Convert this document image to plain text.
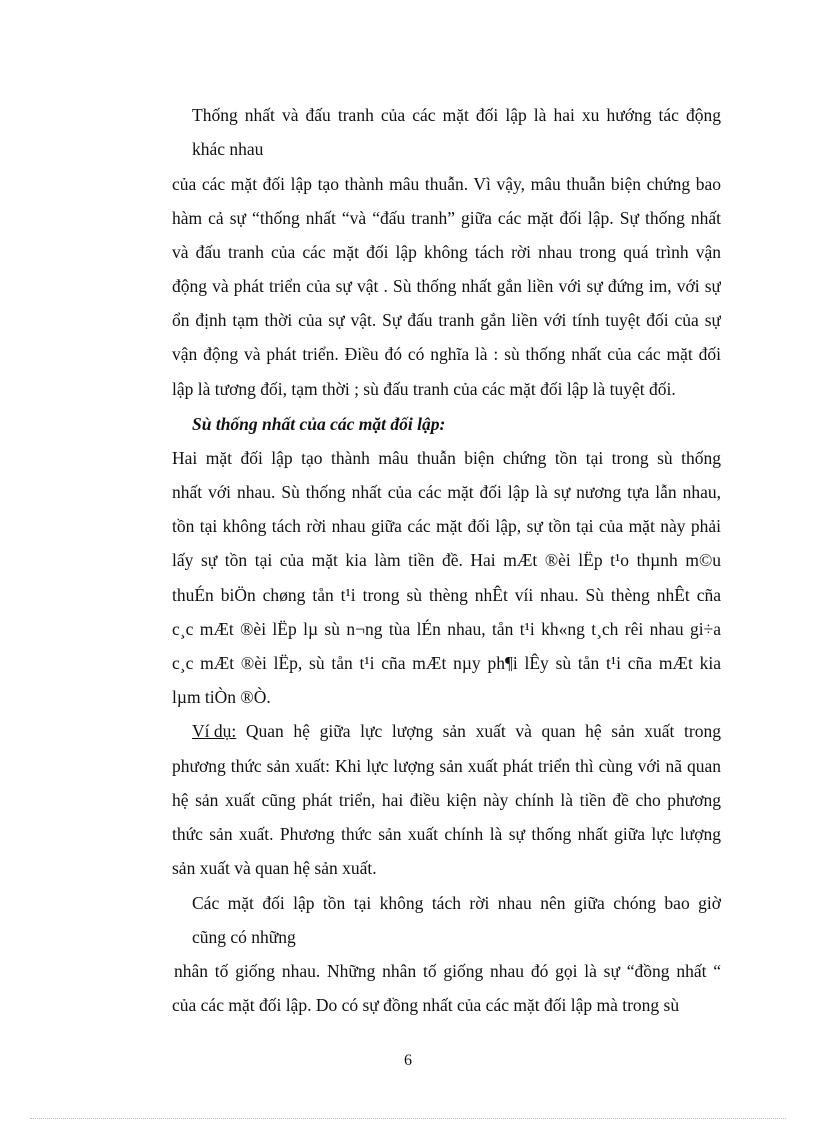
Thống nhất và đấu tranh của các mặt đối lập là hai xu hướng tác động
khác nhau
của các mặt đối lập tạo thành mâu thuẫn. Vì vậy, mâu thuẫn biện chứng bao
hàm cả sự “thống nhất “và “đấu tranh” giữa các mặt đối lập. Sự thống nhất
và đấu tranh của các mặt đối lập không tách rời nhau trong quá trình vận
động và phát triển của sự vật . Sù thống nhất gắn liền với sự đứng im, với sự
ổn định tạm thời của sự vật. Sự đấu tranh gắn liền với tính tuyệt đối của sự
vận động và phát triển. Điều đó có nghĩa là : sù thống nhất của các mặt đối
lập là tương đối, tạm thời ; sù đấu tranh của các mặt đối lập là tuyệt đối.
Sù thống nhất của các mặt đối lập:
Hai mặt đối lập tạo thành mâu thuẫn biện chứng tồn tại trong sù thống
nhất với nhau. Sù thống nhất của các mặt đối lập là sự nương tựa lẫn nhau,
tồn tại không tách rời nhau giữa các mặt đối lập, sự tồn tại của mặt này phải
lấy sự tồn tại của mặt kia làm tiền đề. Hai mÆt ®èi lËp t¹o thµnh m©u
thuÉn biÖn chøng tån t¹i trong sù thèng nhÊt víi nhau. Sù thèng nhÊt cña
c¸c mÆt ®èi lËp lµ sù n¬ng tùa lÉn nhau, tån t¹i kh«ng t¸ch rêi nhau gi÷a
c¸c mÆt ®èi lËp, sù tån t¹i cña mÆt nµy ph¶i lÊy sù tån t¹i cña mÆt kia
lµm tiÒn ®Ò.
Ví dụ: Quan hệ giữa lực lượng sản xuất và quan hệ sản xuất trong
phương thức sản xuất: Khi lực lượng sản xuất phát triển thì cùng với nã quan
hệ sản xuất cũng phát triển, hai điều kiện này chính là tiền đề cho phương
thức sản xuất. Phương thức sản xuất chính là sự thống nhất giữa lực lượng
sản xuất và quan hệ sản xuất.
Các mặt đối lập tồn tại không tách rời nhau nên giữa chóng bao giờ
cũng có những
nhân tố giống nhau. Những nhân tố giống nhau đó gọi là sự “đồng nhất “
của các mặt đối lập. Do có sự đồng nhất của các mặt đối lập mà trong sù
6
